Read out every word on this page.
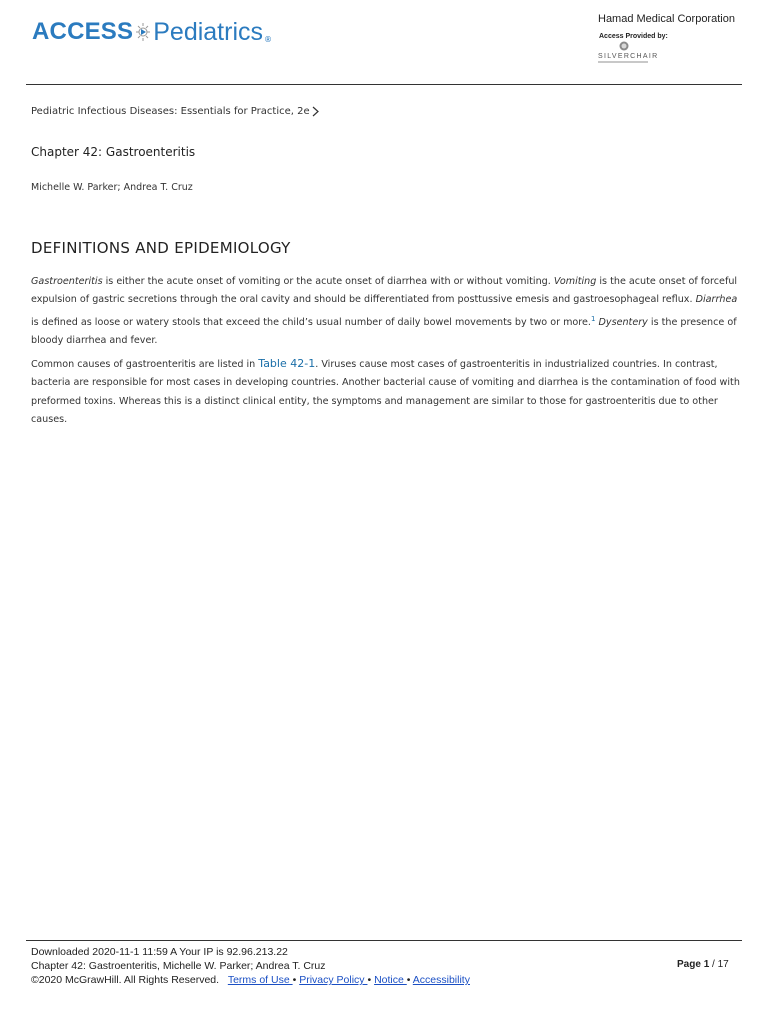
ACCESS Pediatrics ®
Hamad Medical Corporation
Access Provided by:
SILVERCHAIR
Pediatric Infectious Diseases: Essentials for Practice, 2e
Chapter 42: Gastroenteritis
Michelle W. Parker; Andrea T. Cruz
DEFINITIONS AND EPIDEMIOLOGY

Gastroenteritis is either the acute onset of vomiting or the acute onset of diarrhea with or without vomiting. Vomiting is the acute onset of forceful expulsion of gastric secretions through the oral cavity and should be differentiated from posttussive emesis and gastroesophageal reflux. Diarrhea is defined as loose or watery stools that exceed the child’s usual number of daily bowel movements by two or more.$^1$ Dysentery is the presence of bloody diarrhea and fever.

Common causes of gastroenteritis are listed in Table 42-1. Viruses cause most cases of gastroenteritis in industrialized countries. In contrast, bacteria are responsible for most cases in developing countries. Another bacterial cause of vomiting and diarrhea is the contamination of food with preformed toxins. Whereas this is a distinct clinical entity, the symptoms and management are similar to those for gastroenteritis due to other causes.

Downloaded 2020-11-1 11:59 A Your IP is 92.96.213.22
Chapter 42: Gastroenteritis, Michelle W. Parker; Andrea T. Cruz
©2020 McGrawHill. All Rights Reserved. Terms of Use • Privacy Policy • Notice • Accessibility
Page 1 / 17
